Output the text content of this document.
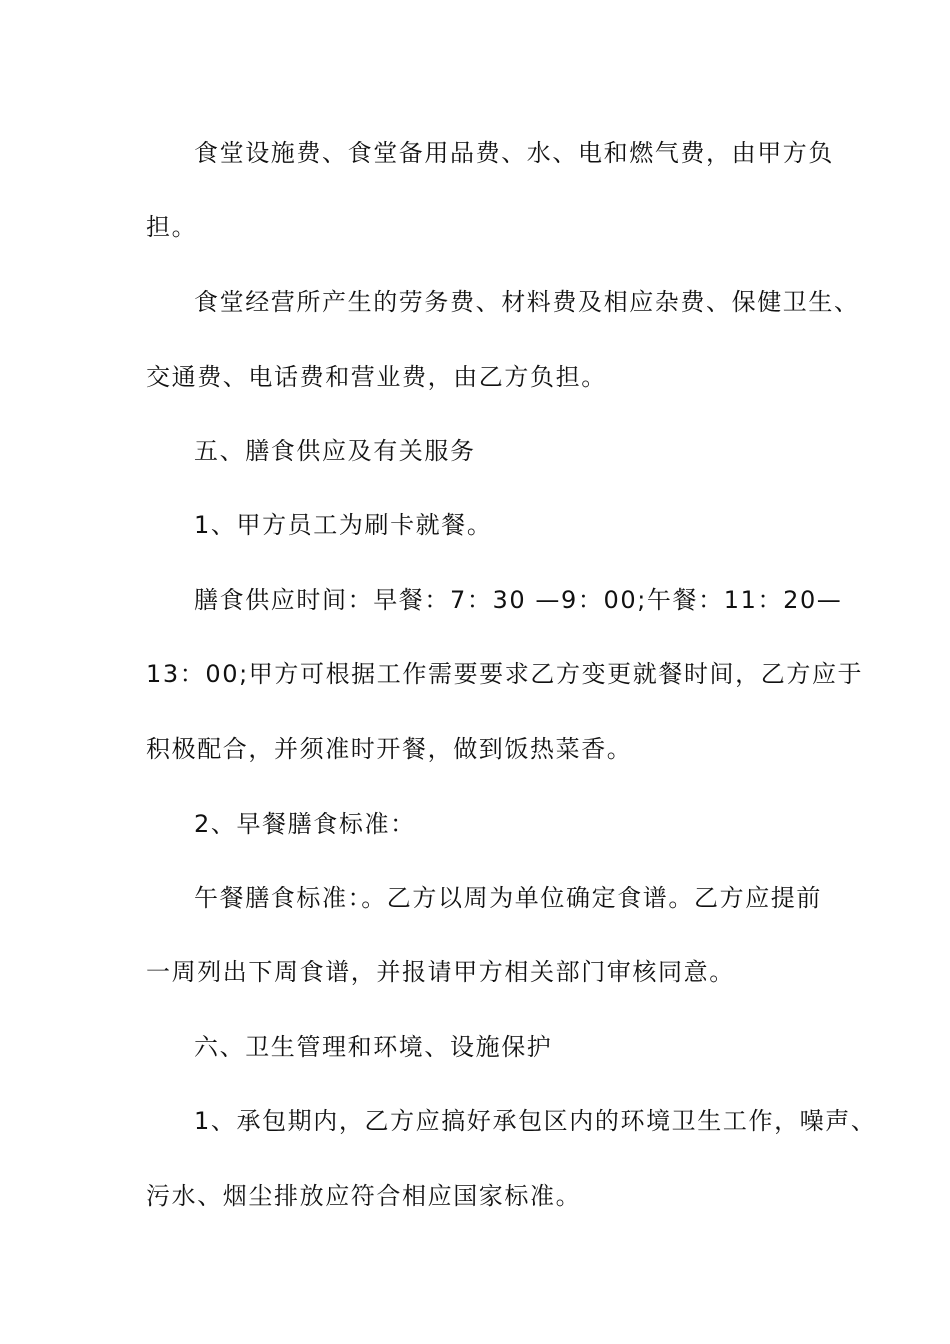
食堂设施费、食堂备用品费、水、电和燃气费，由甲方负
担。
食堂经营所产生的劳务费、材料费及相应杂费、保健卫生、
交通费、电话费和营业费，由乙方负担。
五、膳食供应及有关服务
1、甲方员工为刷卡就餐。
膳食供应时间：早餐：7：30 —9：00;午餐：11：20—
13：00;甲方可根据工作需要要求乙方变更就餐时间，乙方应于
积极配合，并须准时开餐，做到饭热菜香。
2、早餐膳食标准：
午餐膳食标准：。乙方以周为单位确定食谱。乙方应提前
一周列出下周食谱，并报请甲方相关部门审核同意。
六、卫生管理和环境、设施保护
1、承包期内，乙方应搞好承包区内的环境卫生工作，噪声、
污水、烟尘排放应符合相应国家标准。
